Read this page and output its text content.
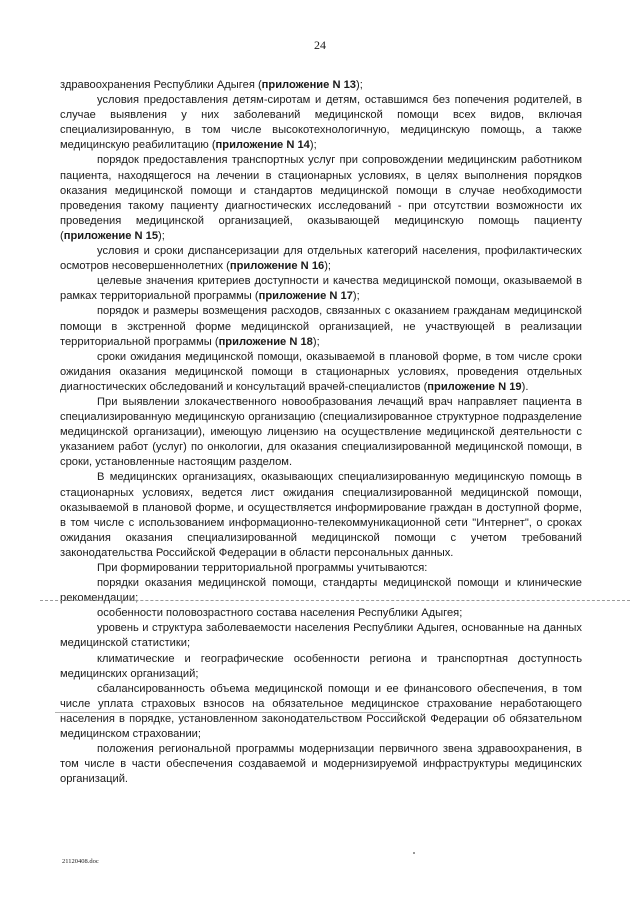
24

здравоохранения Республики Адыгея (приложение N 13);

условия предоставления детям-сиротам и детям, оставшимся без попечения родителей, в случае выявления у них заболеваний медицинской помощи всех видов, включая специализированную, в том числе высокотехнологичную, медицинскую помощь, а также медицинскую реабилитацию (приложение N 14);

порядок предоставления транспортных услуг при сопровождении медицинским работником пациента, находящегося на лечении в стационарных условиях, в целях выполнения порядков оказания медицинской помощи и стандартов медицинской помощи в случае необходимости проведения такому пациенту диагностических исследований - при отсутствии возможности их проведения медицинской организацией, оказывающей медицинскую помощь пациенту (приложение N 15);

условия и сроки диспансеризации для отдельных категорий населения, профилактических осмотров несовершеннолетних (приложение N 16);

целевые значения критериев доступности и качества медицинской помощи, оказываемой в рамках территориальной программы (приложение N 17);

порядок и размеры возмещения расходов, связанных с оказанием гражданам медицинской помощи в экстренной форме медицинской организацией, не участвующей в реализации территориальной программы (приложение N 18);

сроки ожидания медицинской помощи, оказываемой в плановой форме, в том числе сроки ожидания оказания медицинской помощи в стационарных условиях, проведения отдельных диагностических обследований и консультаций врачей-специалистов (приложение N 19).

При выявлении злокачественного новообразования лечащий врач направляет пациента в специализированную медицинскую организацию (специализированное структурное подразделение медицинской организации), имеющую лицензию на осуществление медицинской деятельности с указанием работ (услуг) по онкологии, для оказания специализированной медицинской помощи, в сроки, установленные настоящим разделом.

В медицинских организациях, оказывающих специализированную медицинскую помощь в стационарных условиях, ведется лист ожидания специализированной медицинской помощи, оказываемой в плановой форме, и осуществляется информирование граждан в доступной форме, в том числе с использованием информационно-телекоммуникационной сети "Интернет", о сроках ожидания оказания специализированной медицинской помощи с учетом требований законодательства Российской Федерации в области персональных данных.

При формировании территориальной программы учитываются:

порядки оказания медицинской помощи, стандарты медицинской помощи и клинические рекомендации;

особенности половозрастного состава населения Республики Адыгея;

уровень и структура заболеваемости населения Республики Адыгея, основанные на данных медицинской статистики;

климатические и географические особенности региона и транспортная доступность медицинских организаций;

сбалансированность объема медицинской помощи и ее финансового обеспечения, в том числе уплата страховых взносов на обязательное медицинское страхование неработающего населения в порядке, установленном законодательством Российской Федерации об обязательном медицинском страховании;

положения региональной программы модернизации первичного звена здравоохранения, в том числе в части обеспечения создаваемой и модернизируемой инфраструктуры медицинских организаций.

21120408.doc
